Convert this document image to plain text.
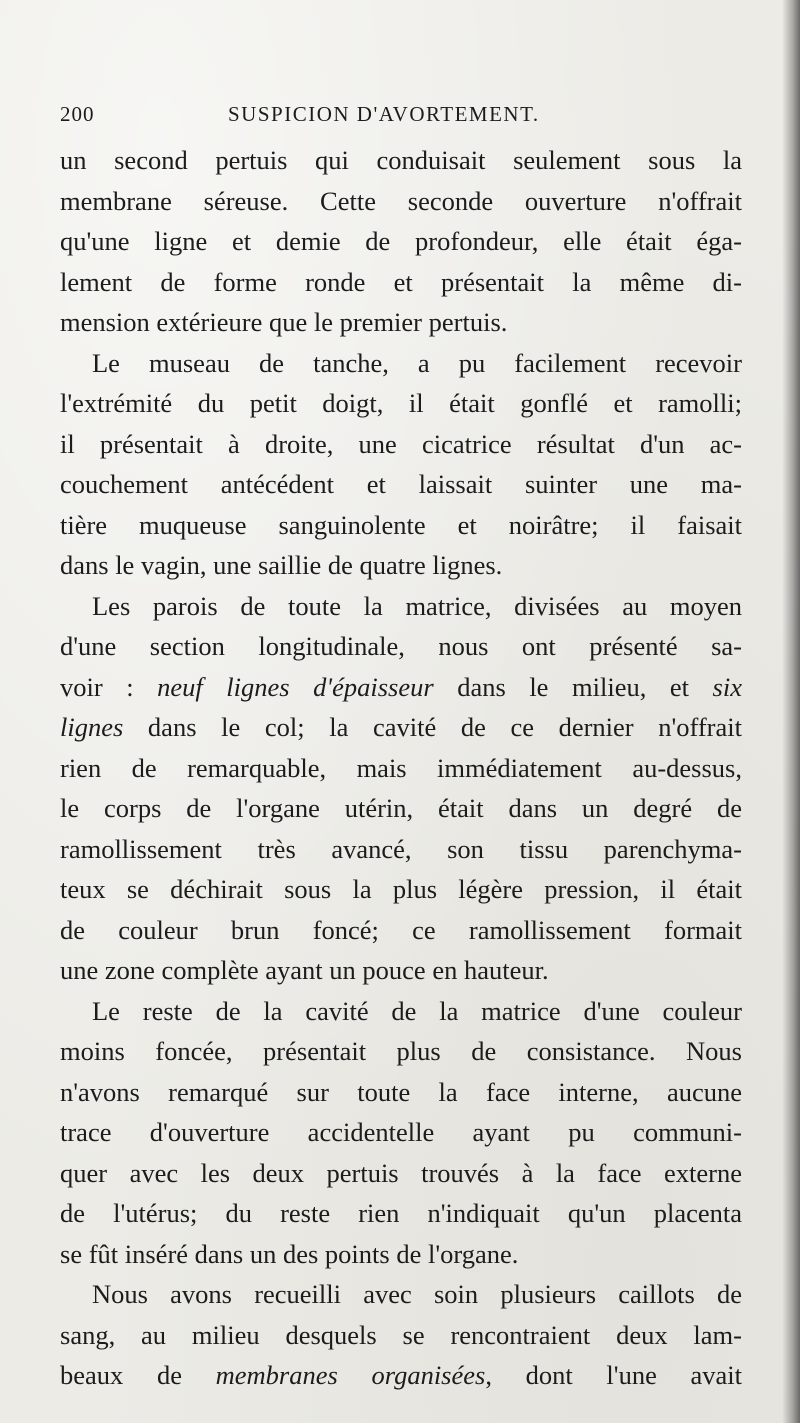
200	SUSPICION D'AVORTEMENT.
un second pertuis qui conduisait seulement sous la
membrane séreuse. Cette seconde ouverture n'offrait
qu'une ligne et demie de profondeur, elle était éga-
lement de forme ronde et présentait la même di-
mension extérieure que le premier pertuis.
Le museau de tanche, a pu facilement recevoir
l'extrémité du petit doigt, il était gonflé et ramolli;
il présentait à droite, une cicatrice résultat d'un ac-
couchement antécédent et laissait suinter une ma-
tière muqueuse sanguinolente et noirâtre; il faisait
dans le vagin, une saillie de quatre lignes.
Les parois de toute la matrice, divisées au moyen
d'une section longitudinale, nous ont présenté sa-
voir : neuf lignes d'épaisseur dans le milieu, et six
lignes dans le col; la cavité de ce dernier n'offrait
rien de remarquable, mais immédiatement au-dessus,
le corps de l'organe utérin, était dans un degré de
ramollissement très avancé, son tissu parenchyma-
teux se déchirait sous la plus légère pression, il était
de couleur brun foncé; ce ramollissement formait
une zone complète ayant un pouce en hauteur.
Le reste de la cavité de la matrice d'une couleur
moins foncée, présentait plus de consistance. Nous
n'avons remarqué sur toute la face interne, aucune
trace d'ouverture accidentelle ayant pu communi-
quer avec les deux pertuis trouvés à la face externe
de l'utérus; du reste rien n'indiquait qu'un placenta
se fût inséré dans un des points de l'organe.
Nous avons recueilli avec soin plusieurs caillots de
sang, au milieu desquels se rencontraient deux lam-
beaux de membranes organisées, dont l'une avait
